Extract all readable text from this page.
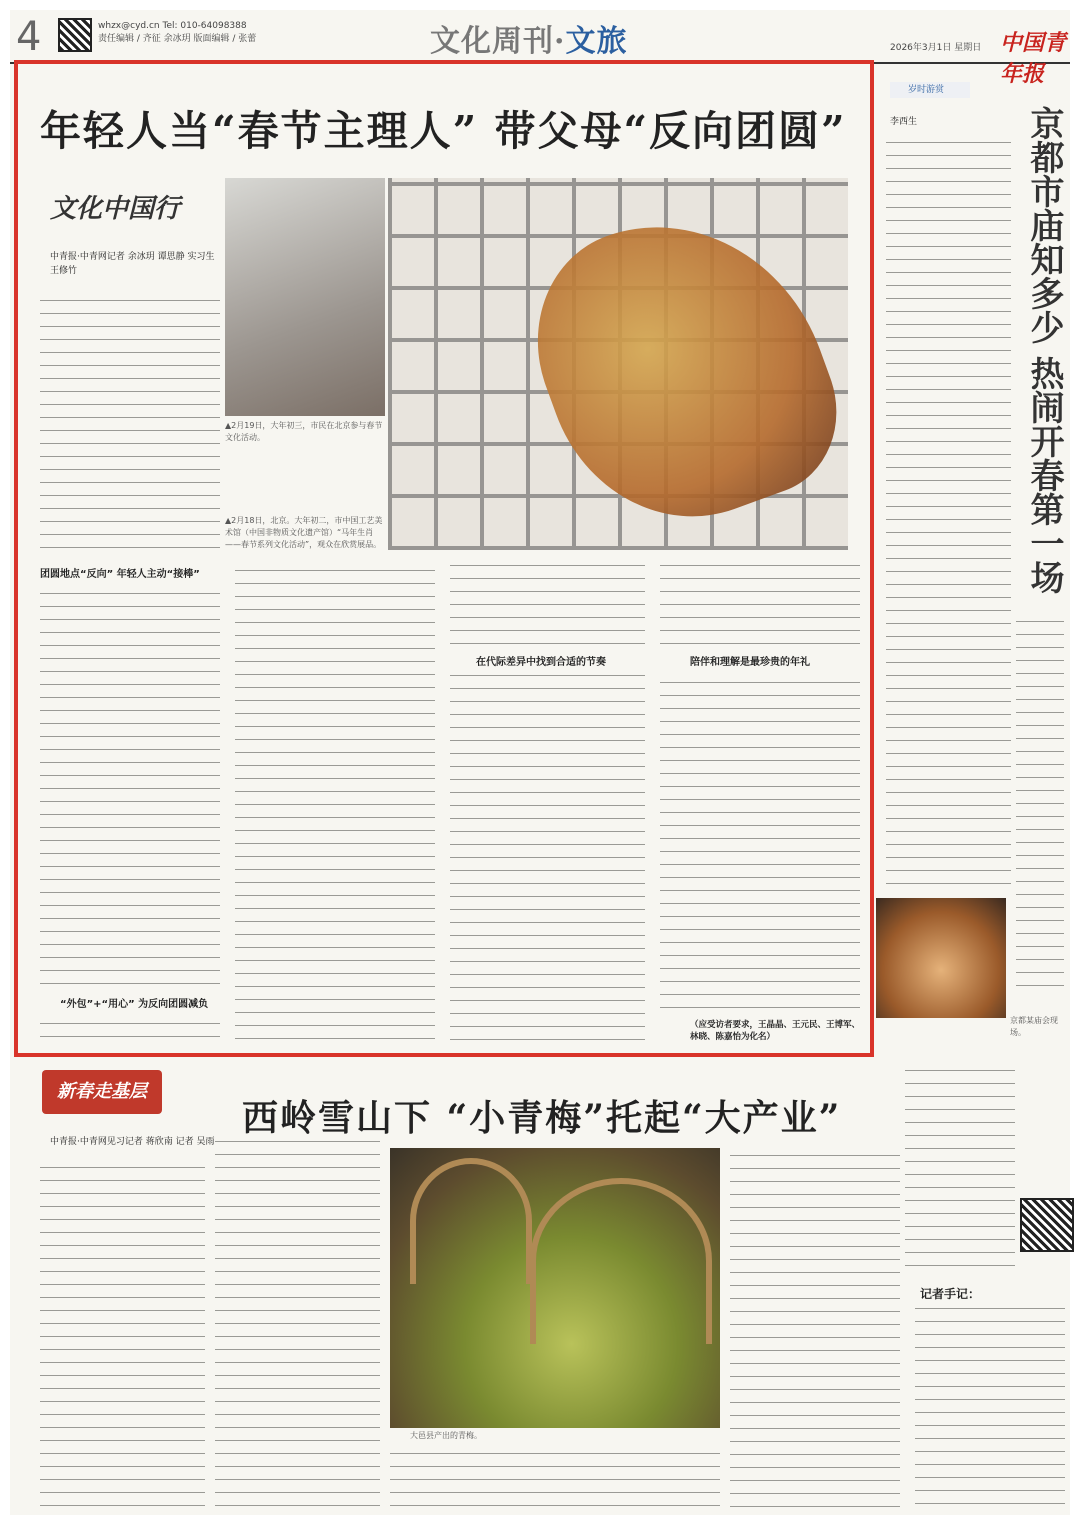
4	whzx@cyd.cn Tel: 010-64098388
责任编辑 / 齐征 余冰玥 版面编辑 / 张蕾	文化周刊·文旅	2026年3月1日 星期日 中国青年报
年轻人当“春节主理人” 带父母“反向团圆”
文化中国行
中青报·中青网记者 余冰玥 谭思静 实习生 王修竹
▲2月19日，大年初三，市民在北京参与春节文化活动。
▲2月18日，北京。大年初二，市中国工艺美术馆（中国非物质文化遗产馆）“马年生肖——春节系列文化活动”，观众在欣赏展品。
团圆地点“反向” 年轻人主动“接棒”
“外包”+“用心” 为反向团圆减负
在代际差异中找到合适的节奏	陪伴和理解是最珍贵的年礼
（应受访者要求，王晶晶、王元民、王博军、林晓、陈嘉怡为化名）
岁时游赏
李西生	京都市庙知多少 热闹开春第一场
京都某庙会现场。
新春走基层
西岭雪山下 “小青梅”托起“大产业”
中青报·中青网见习记者 蒋欣南 记者 吴雨
大邑县产出的青梅。
记者手记：
